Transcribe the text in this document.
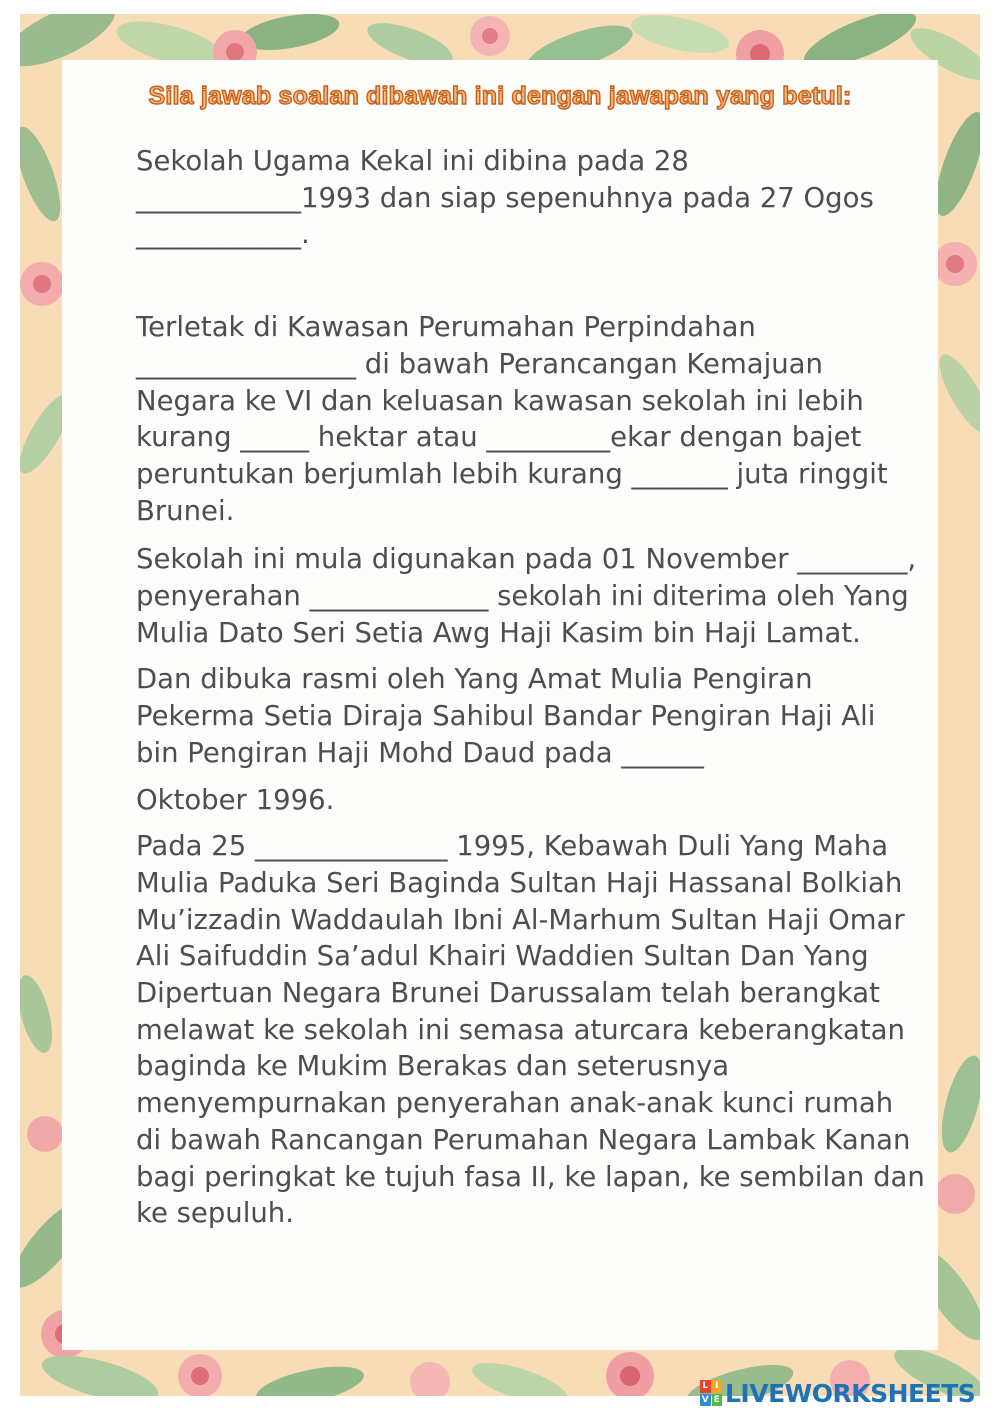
Sila jawab soalan dibawah ini dengan jawapan yang betul:

Sekolah Ugama Kekal ini dibina pada 28 ____________1993 dan siap sepenuhnya pada 27 Ogos ____________.

Terletak di Kawasan Perumahan Perpindahan ________________ di bawah Perancangan Kemajuan Negara ke VI dan keluasan kawasan sekolah ini lebih kurang _____ hektar atau _________ekar dengan bajet peruntukan berjumlah lebih kurang _______ juta ringgit Brunei.

Sekolah ini mula digunakan pada 01 November ________, penyerahan _____________ sekolah ini diterima oleh Yang Mulia Dato Seri Setia Awg Haji Kasim bin Haji Lamat.

Dan dibuka rasmi oleh Yang Amat Mulia Pengiran Pekerma Setia Diraja Sahibul Bandar Pengiran Haji Ali bin Pengiran Haji Mohd Daud pada ______

Oktober 1996.

Pada 25 ______________ 1995, Kebawah Duli Yang Maha Mulia Paduka Seri Baginda Sultan Haji Hassanal Bolkiah Mu’izzadin Waddaulah Ibni Al-Marhum Sultan Haji Omar Ali Saifuddin Sa’adul Khairi Waddien Sultan Dan Yang Dipertuan Negara Brunei Darussalam telah berangkat melawat ke sekolah ini semasa aturcara keberangkatan baginda ke Mukim Berakas dan seterusnya menyempurnakan penyerahan anak-anak kunci rumah di bawah Rancangan Perumahan Negara Lambak Kanan bagi peringkat ke tujuh fasa II, ke lapan, ke sembilan dan ke sepuluh.

L I
V E LIVEWORKSHEETS
